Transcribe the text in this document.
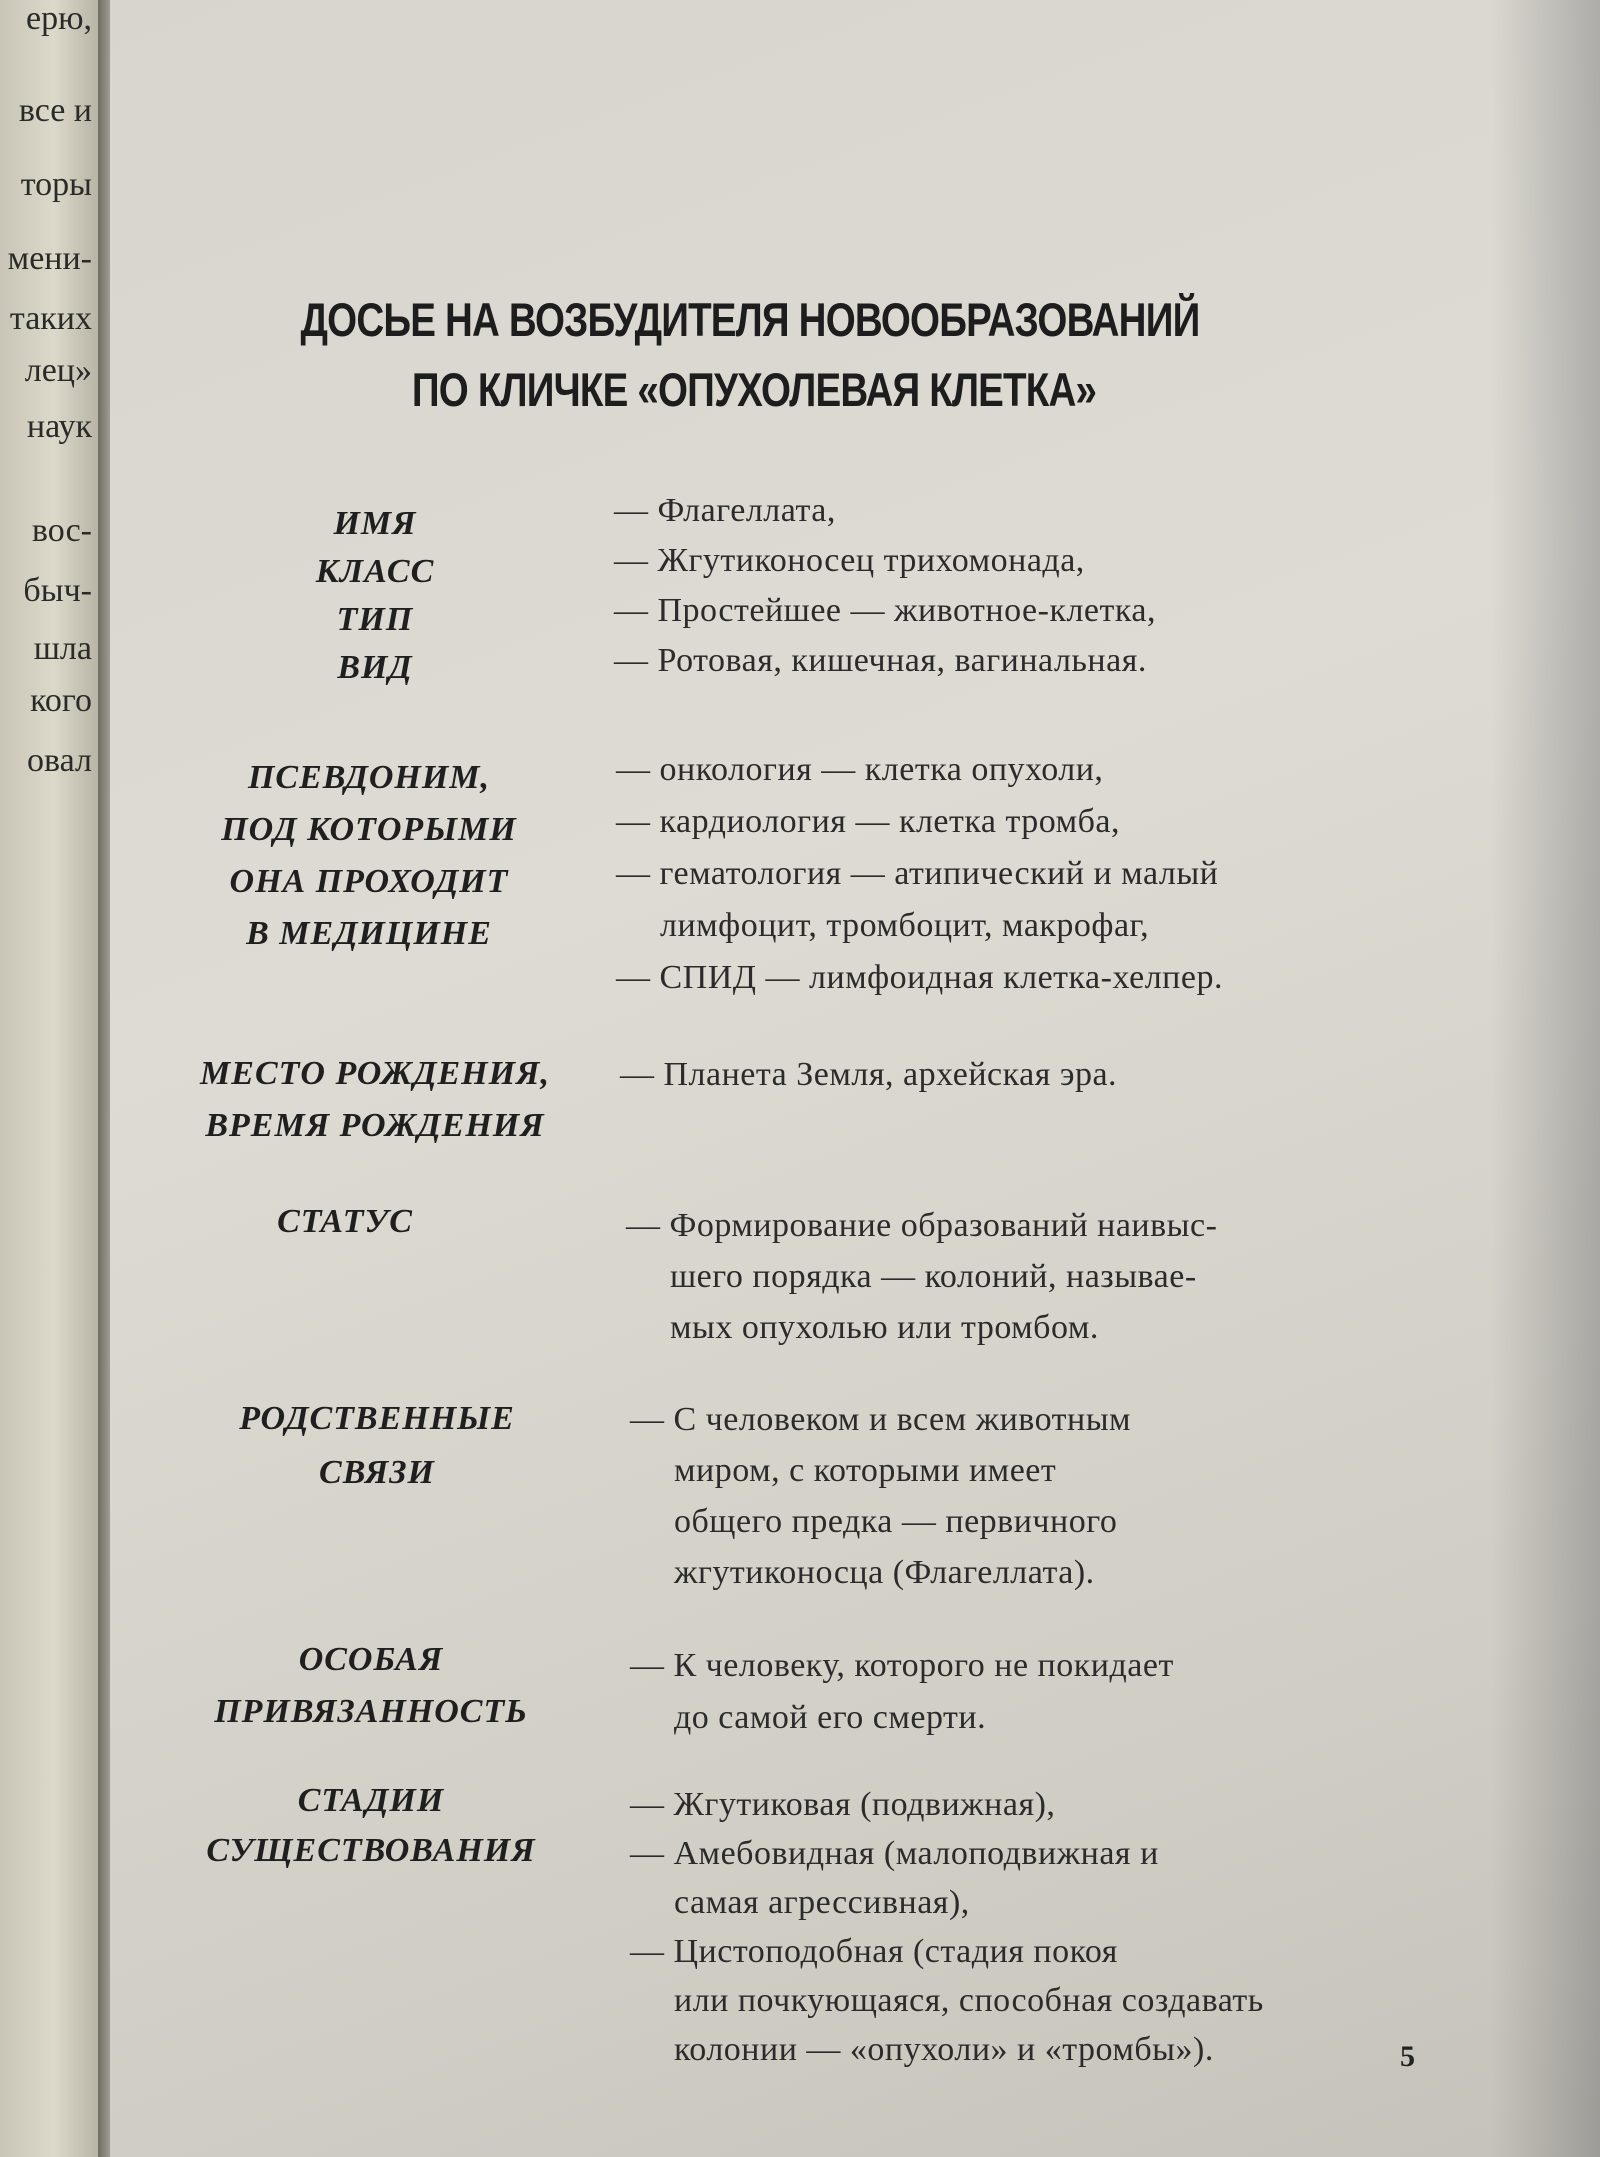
ерю,
все и
торы
мени-
таких
лец»
наук
вос-
быч-
шла
кого
овал
ДОСЬЕ НА ВОЗБУДИТЕЛЯ НОВООБРАЗОВАНИЙ
ПО КЛИЧКЕ «ОПУХОЛЕВАЯ КЛЕТКА»
ИМЯ
КЛАСС
ТИП
ВИД
— Флагеллата,
— Жгутиконосец трихомонада,
— Простейшее — животное-клетка,
— Ротовая, кишечная, вагинальная.
ПСЕВДОНИМ,
ПОД КОТОРЫМИ
ОНА ПРОХОДИТ
В МЕДИЦИНЕ
— онкология — клетка опухоли,
— кардиология — клетка тромба,
— гематология — атипический и малый
лимфоцит, тромбоцит, макрофаг,
— СПИД — лимфоидная клетка-хелпер.
МЕСТО РОЖДЕНИЯ,
ВРЕМЯ РОЖДЕНИЯ
— Планета Земля, архейская эра.
СТАТУС	— Формирование образований наивыс-
шего порядка — колоний, называе-
мых опухолью или тромбом.
РОДСТВЕННЫЕ
СВЯЗИ
— С человеком и всем животным
миром, с которыми имеет
общего предка — первичного
жгутиконосца (Флагеллата).
ОСОБАЯ
ПРИВЯЗАННОСТЬ
— К человеку, которого не покидает
до самой его смерти.
СТАДИИ
СУЩЕСТВОВАНИЯ
— Жгутиковая (подвижная),
— Амебовидная (малоподвижная и
самая агрессивная),
— Цистоподобная (стадия покоя
или почкующаяся, способная создавать
колонии — «опухоли» и «тромбы»).	5
